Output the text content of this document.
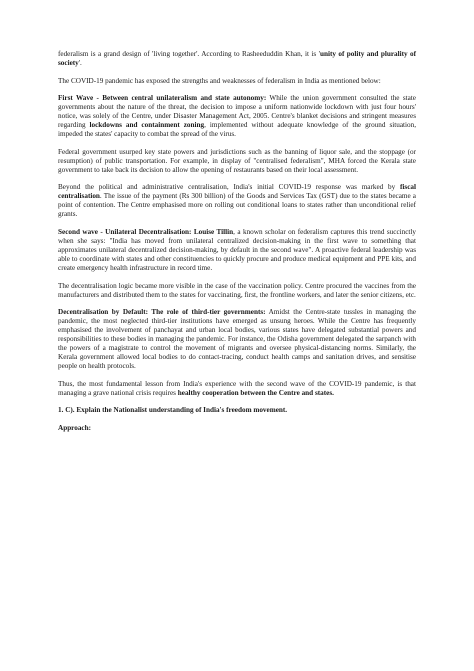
federalism is a grand design of 'living together'. According to Rasheeduddin Khan, it is 'unity of polity and plurality of society'.

The COVID-19 pandemic has exposed the strengths and weaknesses of federalism in India as mentioned below:

First Wave - Between central unilateralism and state autonomy: While the union government consulted the state governments about the nature of the threat, the decision to impose a uniform nationwide lockdown with just four hours' notice, was solely of the Centre, under Disaster Management Act, 2005. Centre's blanket decisions and stringent measures regarding lockdowns and containment zoning, implemented without adequate knowledge of the ground situation, impeded the states' capacity to combat the spread of the virus.

Federal government usurped key state powers and jurisdictions such as the banning of liquor sale, and the stoppage (or resumption) of public transportation. For example, in display of "centralised federalism", MHA forced the Kerala state government to take back its decision to allow the opening of restaurants based on their local assessment.

Beyond the political and administrative centralisation, India's initial COVID-19 response was marked by fiscal centralisation. The issue of the payment (Rs 300 billion) of the Goods and Services Tax (GST) due to the states became a point of contention. The Centre emphasised more on rolling out conditional loans to states rather than unconditional relief grants.

Second wave - Unilateral Decentralisation: Louise Tillin, a known scholar on federalism captures this trend succinctly when she says: "India has moved from unilateral centralized decision-making in the first wave to something that approximates unilateral decentralized decision-making, by default in the second wave". A proactive federal leadership was able to coordinate with states and other constituencies to quickly procure and produce medical equipment and PPE kits, and create emergency health infrastructure in record time.

The decentralisation logic became more visible in the case of the vaccination policy. Centre procured the vaccines from the manufacturers and distributed them to the states for vaccinating, first, the frontline workers, and later the senior citizens, etc.

Decentralisation by Default: The role of third-tier governments: Amidst the Centre-state tussles in managing the pandemic, the most neglected third-tier institutions have emerged as unsung heroes. While the Centre has frequently emphasised the involvement of panchayat and urban local bodies, various states have delegated substantial powers and responsibilities to these bodies in managing the pandemic. For instance, the Odisha government delegated the sarpanch with the powers of a magistrate to control the movement of migrants and oversee physical-distancing norms. Similarly, the Kerala government allowed local bodies to do contact-tracing, conduct health camps and sanitation drives, and sensitise people on health protocols.

Thus, the most fundamental lesson from India's experience with the second wave of the COVID-19 pandemic, is that managing a grave national crisis requires healthy cooperation between the Centre and states.

1. C). Explain the Nationalist understanding of India's freedom movement.

Approach:
